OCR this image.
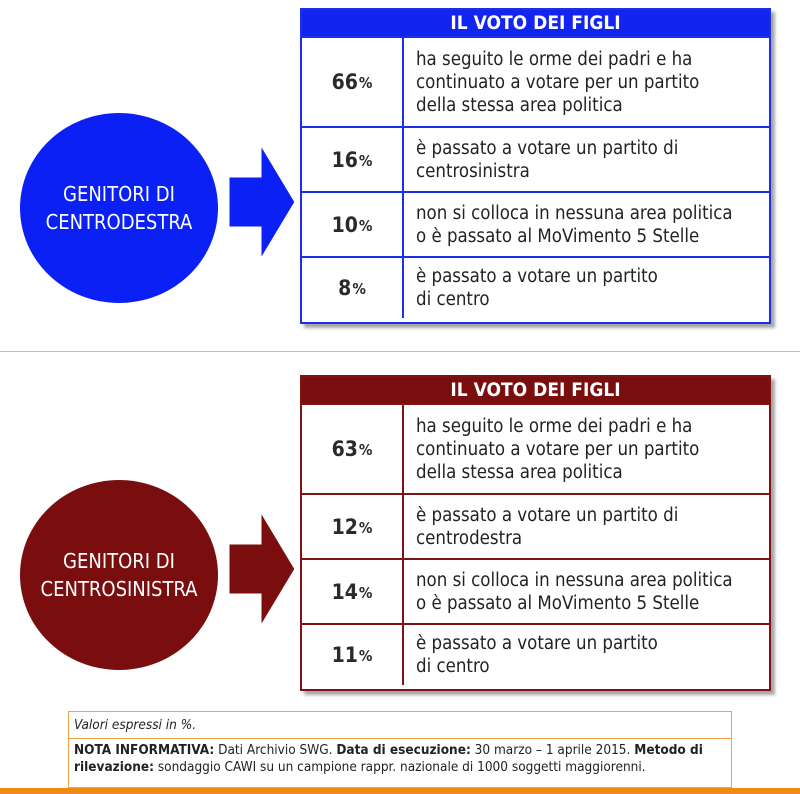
GENITORI DI
CENTRODESTRA
IL VOTO DEI FIGLI
66 %
ha seguito le orme dei padri e ha
continuato a votare per un partito
della stessa area politica
16 %
è passato a votare un partito di
centrosinistra
10 %
non si colloca in nessuna area politica
o è passato al MoVimento 5 Stelle
8 %
è passato a votare un partito
di centro
GENITORI DI
CENTROSINISTRA
IL VOTO DEI FIGLI
63 %
ha seguito le orme dei padri e ha
continuato a votare per un partito
della stessa area politica
12 %
è passato a votare un partito di
centrodestra
14 %
non si colloca in nessuna area politica
o è passato al MoVimento 5 Stelle
11 %
è passato a votare un partito
di centro
Valori espressi in %.
NOTA INFORMATIVA: Dati Archivio SWG. Data di esecuzione: 30 marzo – 1 aprile 2015. Metodo di rilevazione: sondaggio CAWI su un campione rappr. nazionale di 1000 soggetti maggiorenni.
